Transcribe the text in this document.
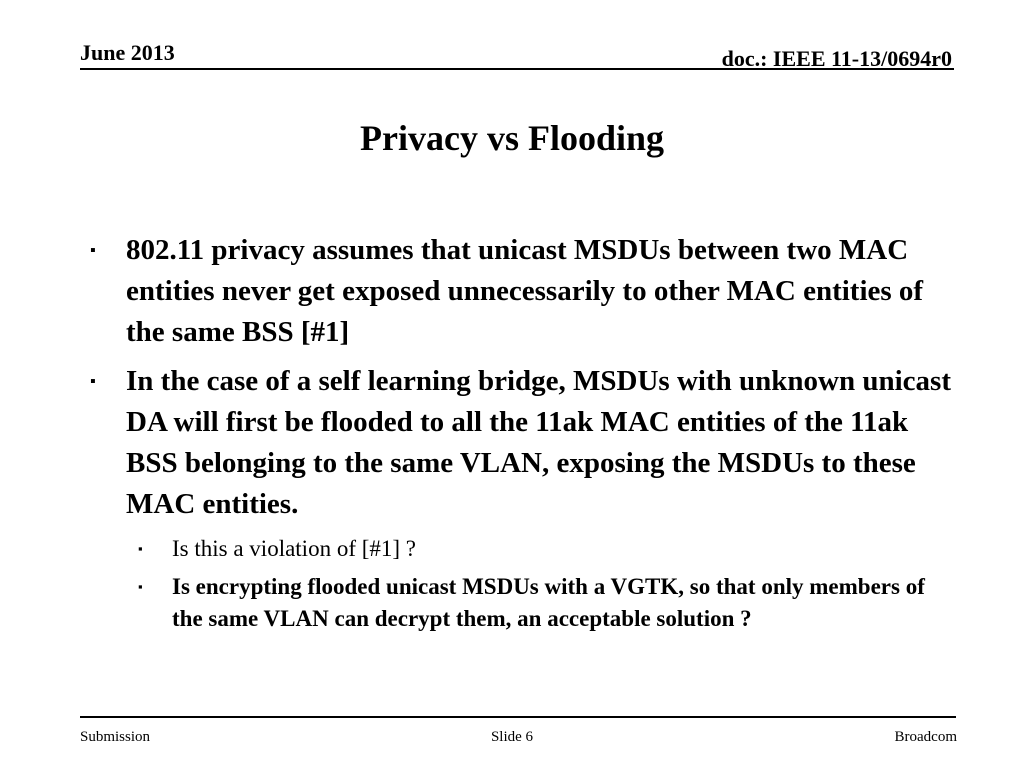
June 2013	doc.: IEEE 11-13/0694r0
Privacy vs Flooding
▪ 802.11 privacy assumes that unicast MSDUs between two MAC entities never get exposed unnecessarily to other MAC entities of the same BSS [#1]
▪ In the case of a self learning bridge, MSDUs with unknown unicast DA will first be flooded to all the 11ak MAC entities of the 11ak BSS belonging to the same VLAN, exposing the MSDUs to these MAC entities.
▪ Is this a violation of [#1] ?
▪ Is encrypting flooded unicast MSDUs with a VGTK, so that only members of the same VLAN can decrypt them, an acceptable solution ?
Submission	Slide 6	Broadcom
